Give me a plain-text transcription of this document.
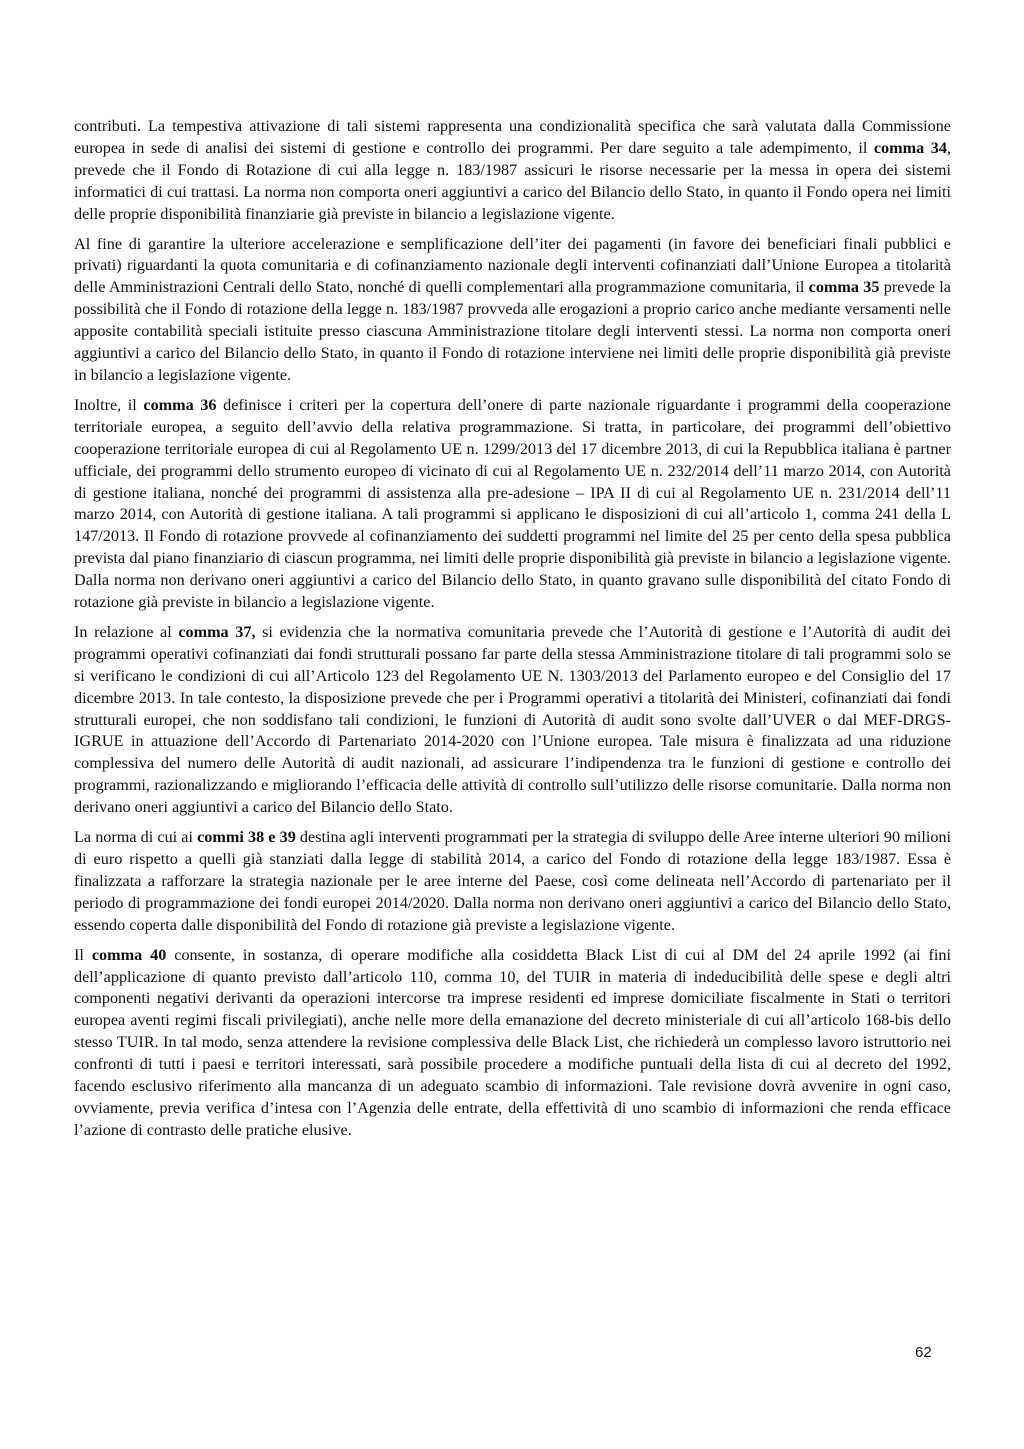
contributi. La tempestiva attivazione di tali sistemi rappresenta una condizionalità specifica che sarà valutata dalla Commissione europea in sede di analisi dei sistemi di gestione e controllo dei programmi. Per dare seguito a tale adempimento, il comma 34, prevede che il Fondo di Rotazione di cui alla legge n. 183/1987 assicuri le risorse necessarie per la messa in opera dei sistemi informatici di cui trattasi. La norma non comporta oneri aggiuntivi a carico del Bilancio dello Stato, in quanto il Fondo opera nei limiti delle proprie disponibilità finanziarie già previste in bilancio a legislazione vigente.

Al fine di garantire la ulteriore accelerazione e semplificazione dell’iter dei pagamenti (in favore dei beneficiari finali pubblici e privati) riguardanti la quota comunitaria e di cofinanziamento nazionale degli interventi cofinanziati dall’Unione Europea a titolarità delle Amministrazioni Centrali dello Stato, nonché di quelli complementari alla programmazione comunitaria, il comma 35 prevede la possibilità che il Fondo di rotazione della legge n. 183/1987 provveda alle erogazioni a proprio carico anche mediante versamenti nelle apposite contabilità speciali istituite presso ciascuna Amministrazione titolare degli interventi stessi. La norma non comporta oneri aggiuntivi a carico del Bilancio dello Stato, in quanto il Fondo di rotazione interviene nei limiti delle proprie disponibilità già previste in bilancio a legislazione vigente.

Inoltre, il comma 36 definisce i criteri per la copertura dell’onere di parte nazionale riguardante i programmi della cooperazione territoriale europea, a seguito dell’avvio della relativa programmazione. Si tratta, in particolare, dei programmi dell’obiettivo cooperazione territoriale europea di cui al Regolamento UE n. 1299/2013 del 17 dicembre 2013, di cui la Repubblica italiana è partner ufficiale, dei programmi dello strumento europeo di vicinato di cui al Regolamento UE n. 232/2014 dell’11 marzo 2014, con Autorità di gestione italiana, nonché dei programmi di assistenza alla pre-adesione – IPA II di cui al Regolamento UE n. 231/2014 dell’11 marzo 2014, con Autorità di gestione italiana. A tali programmi si applicano le disposizioni di cui all’articolo 1, comma 241 della L 147/2013. Il Fondo di rotazione provvede al cofinanziamento dei suddetti programmi nel limite del 25 per cento della spesa pubblica prevista dal piano finanziario di ciascun programma, nei limiti delle proprie disponibilità già previste in bilancio a legislazione vigente. Dalla norma non derivano oneri aggiuntivi a carico del Bilancio dello Stato, in quanto gravano sulle disponibilità del citato Fondo di rotazione già previste in bilancio a legislazione vigente.

In relazione al comma 37, si evidenzia che la normativa comunitaria prevede che l’Autorità di gestione e l’Autorità di audit dei programmi operativi cofinanziati dai fondi strutturali possano far parte della stessa Amministrazione titolare di tali programmi solo se si verificano le condizioni di cui all’Articolo 123 del Regolamento UE N. 1303/2013 del Parlamento europeo e del Consiglio del 17 dicembre 2013. In tale contesto, la disposizione prevede che per i Programmi operativi a titolarità dei Ministeri, cofinanziati dai fondi strutturali europei, che non soddisfano tali condizioni, le funzioni di Autorità di audit sono svolte dall’UVER o dal MEF-DRGS-IGRUE in attuazione dell’Accordo di Partenariato 2014-2020 con l’Unione europea. Tale misura è finalizzata ad una riduzione complessiva del numero delle Autorità di audit nazionali, ad assicurare l’indipendenza tra le funzioni di gestione e controllo dei programmi, razionalizzando e migliorando l’efficacia delle attività di controllo sull’utilizzo delle risorse comunitarie. Dalla norma non derivano oneri aggiuntivi a carico del Bilancio dello Stato.

La norma di cui ai commi 38 e 39 destina agli interventi programmati per la strategia di sviluppo delle Aree interne ulteriori 90 milioni di euro rispetto a quelli già stanziati dalla legge di stabilità 2014, a carico del Fondo di rotazione della legge 183/1987. Essa è finalizzata a rafforzare la strategia nazionale per le aree interne del Paese, così come delineata nell’Accordo di partenariato per il periodo di programmazione dei fondi europei 2014/2020. Dalla norma non derivano oneri aggiuntivi a carico del Bilancio dello Stato, essendo coperta dalle disponibilità del Fondo di rotazione già previste a legislazione vigente.

Il comma 40 consente, in sostanza, di operare modifiche alla cosiddetta Black List di cui al DM del 24 aprile 1992 (ai fini dell’applicazione di quanto previsto dall’articolo 110, comma 10, del TUIR in materia di indeducibilità delle spese e degli altri componenti negativi derivanti da operazioni intercorse tra imprese residenti ed imprese domiciliate fiscalmente in Stati o territori europea aventi regimi fiscali privilegiati), anche nelle more della emanazione del decreto ministeriale di cui all’articolo 168-bis dello stesso TUIR. In tal modo, senza attendere la revisione complessiva delle Black List, che richiederà un complesso lavoro istruttorio nei confronti di tutti i paesi e territori interessati, sarà possibile procedere a modifiche puntuali della lista di cui al decreto del 1992, facendo esclusivo riferimento alla mancanza di un adeguato scambio di informazioni. Tale revisione dovrà avvenire in ogni caso, ovviamente, previa verifica d’intesa con l’Agenzia delle entrate, della effettività di uno scambio di informazioni che renda efficace l’azione di contrasto delle pratiche elusive.

62
